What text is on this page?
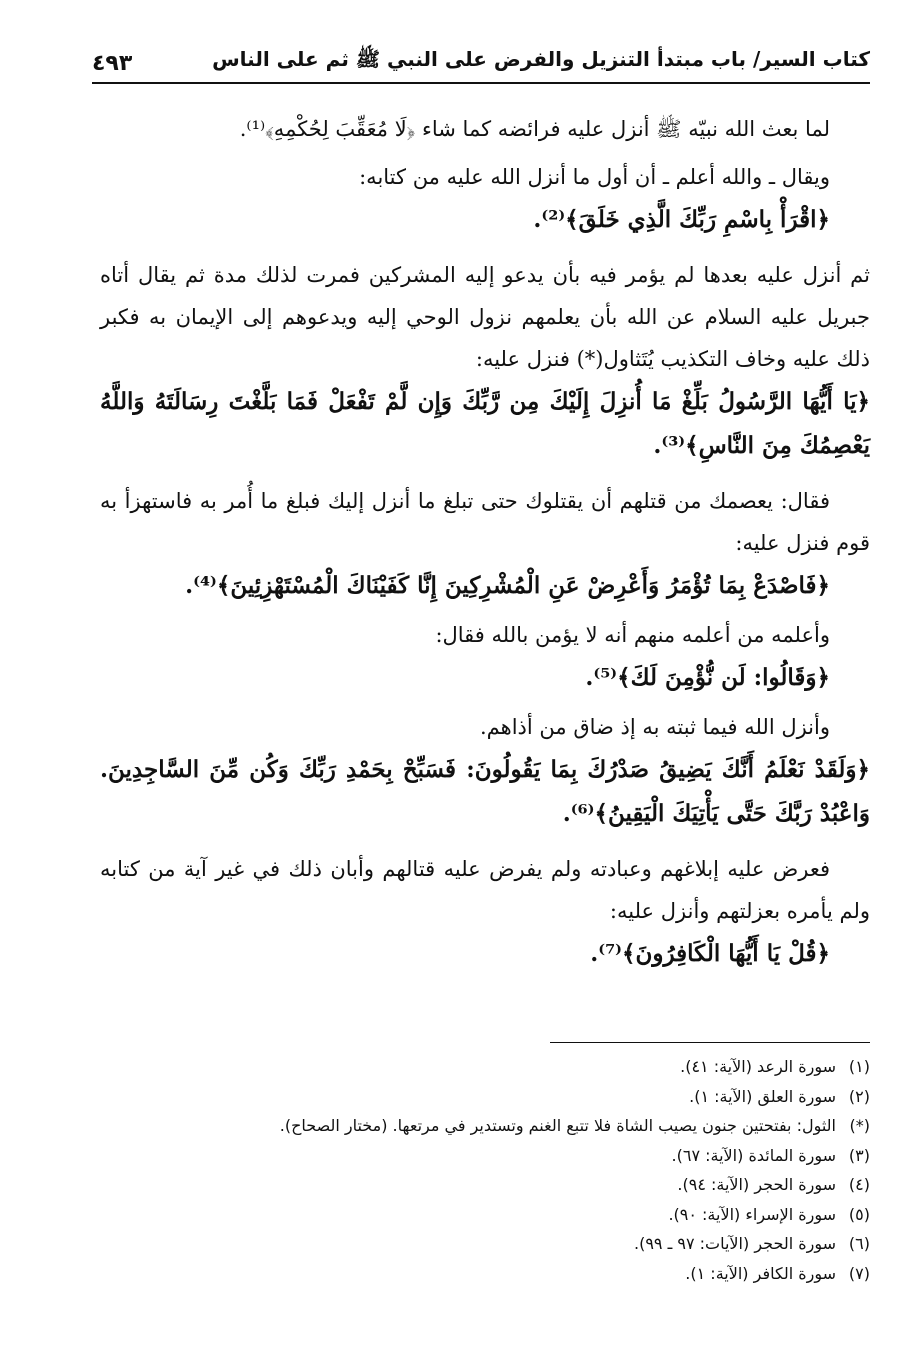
كتاب السير/ باب مبتدأ التنزيل والفرض على النبي ﷺ ثم على الناس
٤٩٣

لما بعث الله نبيّه ﷺ أنزل عليه فرائضه كما شاء ﴿لَا مُعَقِّبَ لِحُكْمِهِ﴾⁽¹⁾.

ويقال ـ والله أعلم ـ أن أول ما أنزل الله عليه من كتابه:

﴿اقْرَأْ بِاسْمِ رَبِّكَ الَّذِي خَلَقَ﴾⁽²⁾.

ثم أنزل عليه بعدها لم يؤمر فيه بأن يدعو إليه المشركين فمرت لذلك مدة ثم يقال أتاه جبريل عليه السلام عن الله بأن يعلمهم نزول الوحي إليه ويدعوهم إلى الإيمان به فكبر ذلك عليه وخاف التكذيب يُتَثاول(*) فنزل عليه:

﴿يَا أَيُّهَا الرَّسُولُ بَلِّغْ مَا أُنزِلَ إِلَيْكَ مِن رَّبِّكَ وَإِن لَّمْ تَفْعَلْ فَمَا بَلَّغْتَ رِسَالَتَهُ وَاللَّهُ يَعْصِمُكَ مِنَ النَّاسِ﴾⁽³⁾.

فقال: يعصمك من قتلهم أن يقتلوك حتى تبلغ ما أنزل إليك فبلغ ما أُمر به فاستهزأ به قوم فنزل عليه:

﴿فَاصْدَعْ بِمَا تُؤْمَرُ وَأَعْرِضْ عَنِ الْمُشْرِكِينَ إِنَّا كَفَيْنَاكَ الْمُسْتَهْزِئِينَ﴾⁽⁴⁾.

وأعلمه من أعلمه منهم أنه لا يؤمن بالله فقال:

﴿وَقَالُوا: لَن نُّؤْمِنَ لَكَ﴾⁽⁵⁾.

وأنزل الله فيما ثبته به إذ ضاق من أذاهم.

﴿وَلَقَدْ نَعْلَمُ أَنَّكَ يَضِيقُ صَدْرُكَ بِمَا يَقُولُونَ: فَسَبِّحْ بِحَمْدِ رَبِّكَ وَكُن مِّنَ السَّاجِدِينَ. وَاعْبُدْ رَبَّكَ حَتَّى يَأْتِيَكَ الْيَقِينُ﴾⁽⁶⁾.

فعرض عليه إبلاغهم وعبادته ولم يفرض عليه قتالهم وأبان ذلك في غير آية من كتابه ولم يأمره بعزلتهم وأنزل عليه:

﴿قُلْ يَا أَيُّهَا الْكَافِرُونَ﴾⁽⁷⁾.

(١)سورة الرعد (الآية: ٤١).
(٢)سورة العلق (الآية: ١).
(*)الثول: بفتحتين جنون يصيب الشاة فلا تتبع الغنم وتستدير في مرتعها. (مختار الصحاح).
(٣)سورة المائدة (الآية: ٦٧).
(٤)سورة الحجر (الآية: ٩٤).
(٥)سورة الإسراء (الآية: ٩٠).
(٦)سورة الحجر (الآيات: ٩٧ ـ ٩٩).
(٧)سورة الكافر (الآية: ١).
